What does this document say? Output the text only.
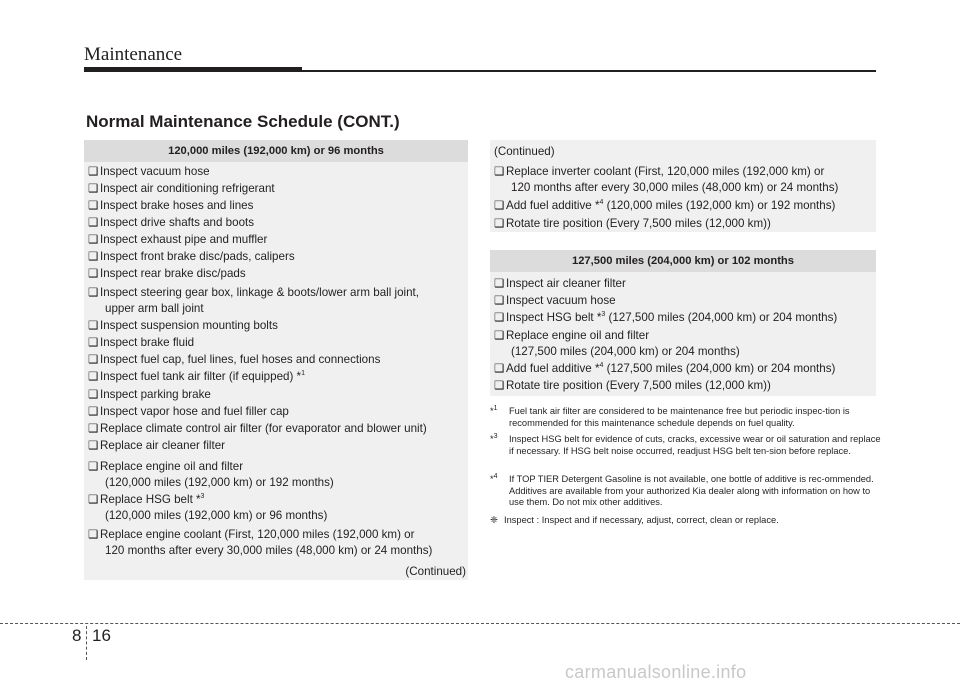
Maintenance
Normal Maintenance Schedule (CONT.)
120,000 miles (192,000 km) or 96 months
❑ Inspect vacuum hose
❑ Inspect air conditioning refrigerant
❑ Inspect brake hoses and lines
❑ Inspect drive shafts and boots
❑ Inspect exhaust pipe and muffler
❑ Inspect front brake disc/pads, calipers
❑ Inspect rear brake disc/pads
❑ Inspect steering gear box, linkage & boots/lower arm ball joint,
upper arm ball joint
❑ Inspect suspension mounting bolts
❑ Inspect brake fluid
❑ Inspect fuel cap, fuel lines, fuel hoses and connections
❑ Inspect fuel tank air filter (if equipped) *$^1$
❑ Inspect parking brake
❑ Inspect vapor hose and fuel filler cap
❑ Replace climate control air filter (for evaporator and blower unit)
❑ Replace air cleaner filter
❑ Replace engine oil and filter
(120,000 miles (192,000 km) or 192 months)
❑ Replace HSG belt *$^3$
(120,000 miles (192,000 km) or 96 months)
❑ Replace engine coolant (First, 120,000 miles (192,000 km) or
120 months after every 30,000 miles (48,000 km) or 24 months)
(Continued)
(Continued)
❑ Replace inverter coolant (First, 120,000 miles (192,000 km) or
120 months after every 30,000 miles (48,000 km) or 24 months)
❑ Add fuel additive *$^4$ (120,000 miles (192,000 km) or 192 months)
❑ Rotate tire position (Every 7,500 miles (12,000 km))
127,500 miles (204,000 km) or 102 months
❑ Inspect air cleaner filter
❑ Inspect vacuum hose
❑ Inspect HSG belt *$^3$ (127,500 miles (204,000 km) or 204 months)
❑ Replace engine oil and filter
(127,500 miles (204,000 km) or 204 months)
❑ Add fuel additive *$^4$ (127,500 miles (204,000 km) or 204 months)
❑ Rotate tire position (Every 7,500 miles (12,000 km))
*$^1$	Fuel tank air filter are considered to be maintenance free but periodic inspec-tion is recommended for this maintenance schedule depends on fuel quality.
*$^3$	Inspect HSG belt for evidence of cuts, cracks, excessive wear or oil saturation and replace if necessary. If HSG belt noise occurred, readjust HSG belt ten-sion before replace.
*$^4$	If TOP TIER Detergent Gasoline is not available, one bottle of additive is rec-ommended. Additives are available from your authorized Kia dealer along with information on how to use them. Do not mix other additives.
❈ Inspect : Inspect and if necessary, adjust, correct, clean or replace.
8 16
carmanualsonline.info
